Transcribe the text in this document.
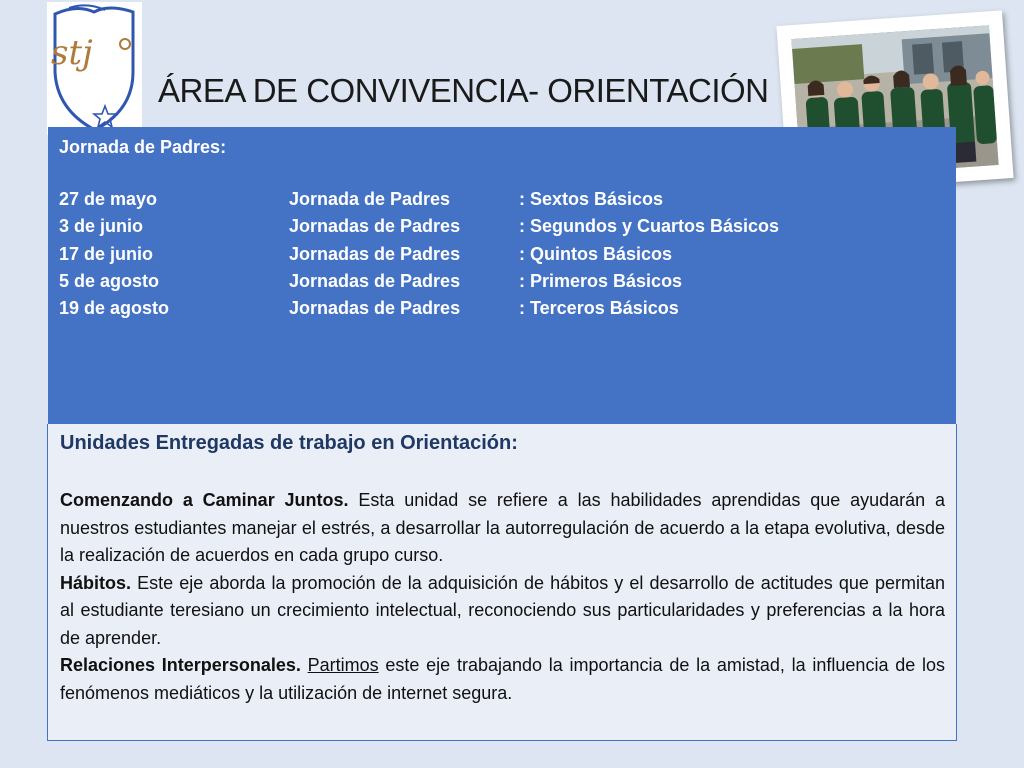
stj
ÁREA DE CONVIVENCIA- ORIENTACIÓN
Jornada de Padres:
27 de mayo	Jornada de Padres	: Sextos Básicos
3 de junio	Jornadas de Padres	: Segundos y Cuartos Básicos
17 de junio	Jornadas de Padres	: Quintos Básicos
5 de agosto	Jornadas de Padres	: Primeros Básicos
19 de agosto	Jornadas de Padres	: Terceros Básicos
Unidades Entregadas de trabajo en Orientación:

Comenzando a Caminar Juntos. Esta unidad se refiere a las habilidades aprendidas que ayudarán a nuestros estudiantes manejar el estrés, a desarrollar la autorregulación de acuerdo a la etapa evolutiva, desde la realización de acuerdos en cada grupo curso.

Hábitos. Este eje aborda la promoción de la adquisición de hábitos y el desarrollo de actitudes que permitan al estudiante teresiano un crecimiento intelectual, reconociendo sus particularidades y preferencias a la hora de aprender.

Relaciones Interpersonales. Partimos este eje trabajando la importancia de la amistad, la influencia de los fenómenos mediáticos y la utilización de internet segura.
